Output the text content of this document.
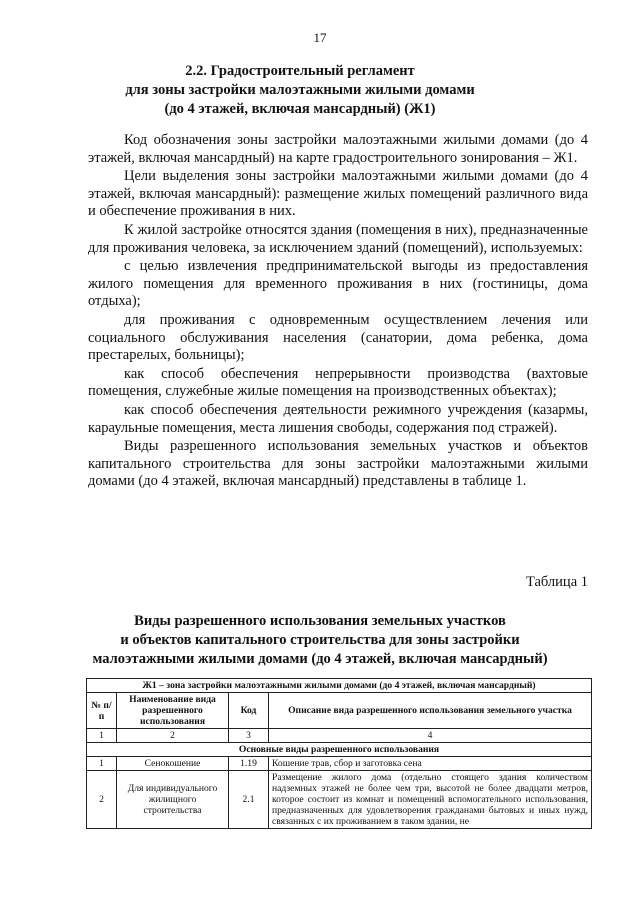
17
2.2. Градостроительный регламент
для зоны застройки малоэтажными жилыми домами
(до 4 этажей, включая мансардный) (Ж1)

Код обозначения зоны застройки малоэтажными жилыми домами (до 4 этажей, включая мансардный) на карте градостроительного зонирования – Ж1.

Цели выделения зоны застройки малоэтажными жилыми домами (до 4 этажей, включая мансардный): размещение жилых помещений различного вида и обеспечение проживания в них.

К жилой застройке относятся здания (помещения в них), предназначенные для проживания человека, за исключением зданий (помещений), используемых:

с целью извлечения предпринимательской выгоды из предоставления жилого помещения для временного проживания в них (гостиницы, дома отдыха);

для проживания с одновременным осуществлением лечения или социального обслуживания населения (санатории, дома ребенка, дома престарелых, больницы);

как способ обеспечения непрерывности производства (вахтовые помещения, служебные жилые помещения на производственных объектах);

как способ обеспечения деятельности режимного учреждения (казармы, караульные помещения, места лишения свободы, содержания под стражей).

Виды разрешенного использования земельных участков и объектов капитального строительства для зоны застройки малоэтажными жилыми домами (до 4 этажей, включая мансардный) представлены в таблице 1.

Таблица 1
Виды разрешенного использования земельных участков
и объектов капитального строительства для зоны застройки
малоэтажными жилыми домами (до 4 этажей, включая мансардный)
Ж1 – зона застройки малоэтажными жилыми домами (до 4 этажей, включая мансардный)			
№ п/п	Наименование вида разрешенного использования	Код	Описание вида разрешенного использования земельного участка
1	2	3	4
Основные виды разрешенного использования			
1	Сенокошение	1.19	Кошение трав, сбор и заготовка сена
2	Для индивидуального жилищного строительства	2.1	Размещение жилого дома (отдельно стоящего здания количеством надземных этажей не более чем три, высотой не более двадцати метров, которое состоит из комнат и помещений вспомогательного использования, предназначенных для удовлетворения гражданами бытовых и иных нужд, связанных с их проживанием в таком здании, не
